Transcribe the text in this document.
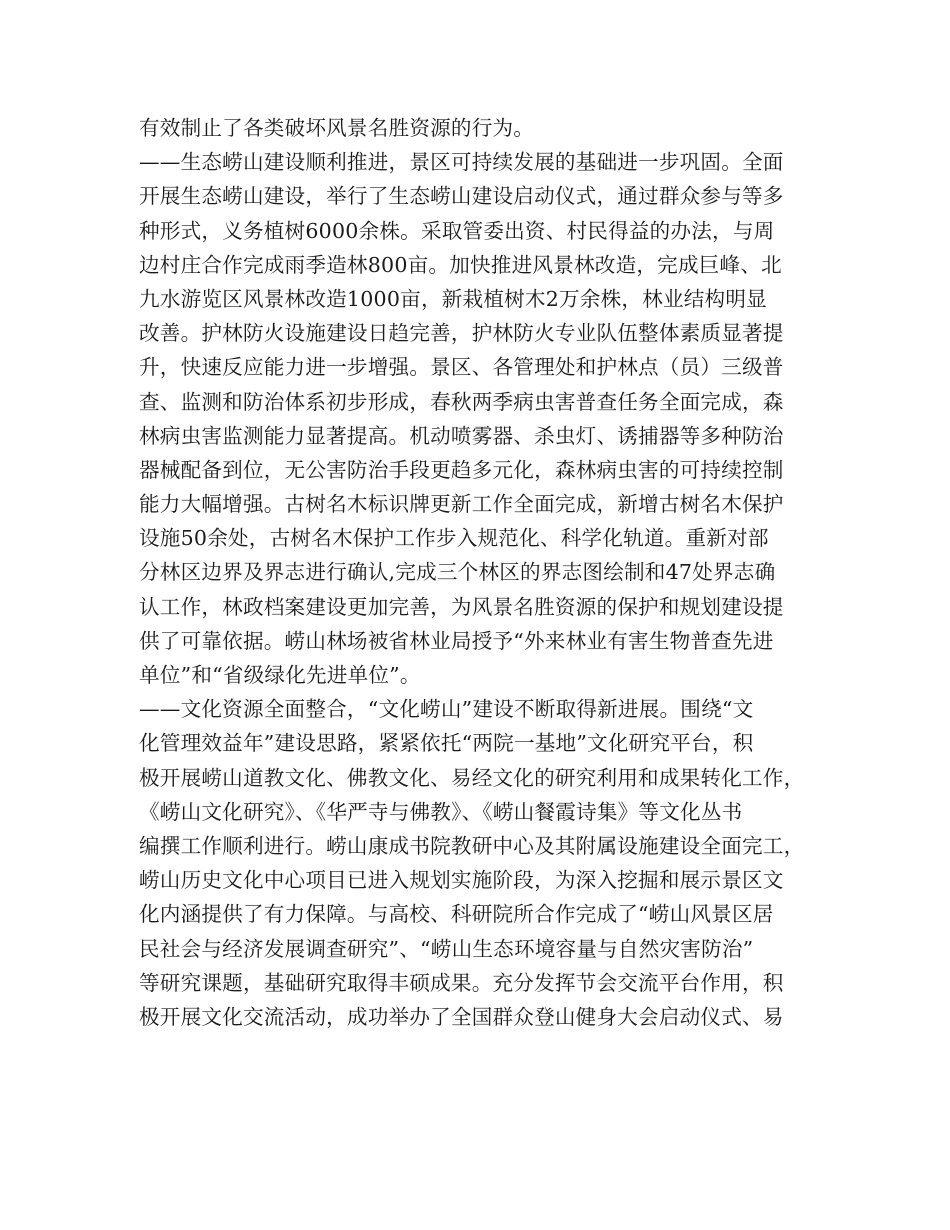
有效制止了各类破坏风景名胜资源的行为。
——生态崂山建设顺利推进，景区可持续发展的基础进一步巩固。全面
开展生态崂山建设，举行了生态崂山建设启动仪式，通过群众参与等多
种形式，义务植树6000余株。采取管委出资、村民得益的办法，与周
边村庄合作完成雨季造林800亩。加快推进风景林改造，完成巨峰、北
九水游览区风景林改造1000亩，新栽植树木2万余株，林业结构明显
改善。护林防火设施建设日趋完善，护林防火专业队伍整体素质显著提
升，快速反应能力进一步增强。景区、各管理处和护林点（员）三级普
查、监测和防治体系初步形成，春秋两季病虫害普查任务全面完成，森
林病虫害监测能力显著提高。机动喷雾器、杀虫灯、诱捕器等多种防治
器械配备到位，无公害防治手段更趋多元化，森林病虫害的可持续控制
能力大幅增强。古树名木标识牌更新工作全面完成，新增古树名木保护
设施50余处，古树名木保护工作步入规范化、科学化轨道。重新对部
分林区边界及界志进行确认,完成三个林区的界志图绘制和47处界志确
认工作，林政档案建设更加完善，为风景名胜资源的保护和规划建设提
供了可靠依据。崂山林场被省林业局授予“外来林业有害生物普查先进
单位”和“省级绿化先进单位”。
——文化资源全面整合，“文化崂山”建设不断取得新进展。围绕“文
化管理效益年”建设思路，紧紧依托“两院一基地”文化研究平台，积
极开展崂山道教文化、佛教文化、易经文化的研究利用和成果转化工作，
《崂山文化研究》、《华严寺与佛教》、《崂山餐霞诗集》等文化丛书
编撰工作顺利进行。崂山康成书院教研中心及其附属设施建设全面完工，
崂山历史文化中心项目已进入规划实施阶段，为深入挖掘和展示景区文
化内涵提供了有力保障。与高校、科研院所合作完成了“崂山风景区居
民社会与经济发展调查研究”、“崂山生态环境容量与自然灾害防治”
等研究课题，基础研究取得丰硕成果。充分发挥节会交流平台作用，积
极开展文化交流活动，成功举办了全国群众登山健身大会启动仪式、易
